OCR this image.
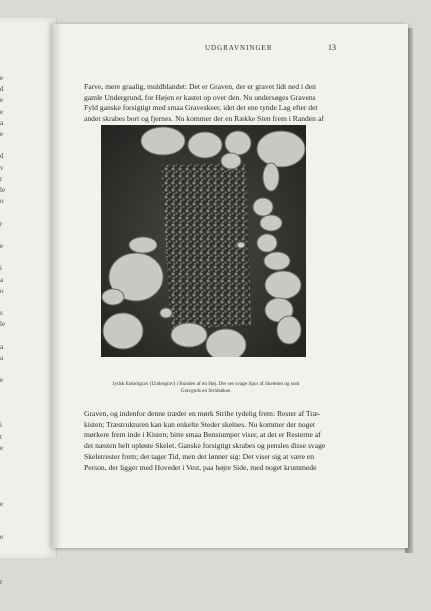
e
d
e
e
a
e

d
v
r
le
o

r

e

i
a
o

s
le

a
a

e

i
t
e

e

e

r

UDGRAVNINGER	13

Farve, mere graalig, muldblandet: Det er Graven, der er gravet lidt ned i den
gamle Undergrund, for Højen er kastet op over den. Nu undersøges Gravens
Fyld ganske forsigtigt med smaa Graveskeer, idet det ene tynde Lag efter det
andet skrabes bort og fjernes. Nu kommer der en Række Sten frem i Randen af

Jydsk Enkeltgrav (Undergrav) i Bunden af en Høj. Der ses svage Spor af Skelettet og som
Gravgods en Stridsøkse.

Graven, og indenfor denne træder en mørk Stribe tydelig frem: Rester af Træ-
kisten; Træstrukturen kan kun enkelte Steder skelnes. Nu kommer der noget
mørkere frem inde i Kisten; bitte smaa Benstumper viser, at det er Resterne af
det næsten helt opløste Skelet. Ganske forsigtigt skrabes og pensles disse svage
Skeletrester frem; det tager Tid, men det lønner sig: Det viser sig at være en
Person, der ligger med Hovedet i Vest, paa højre Side, med noget krummede
